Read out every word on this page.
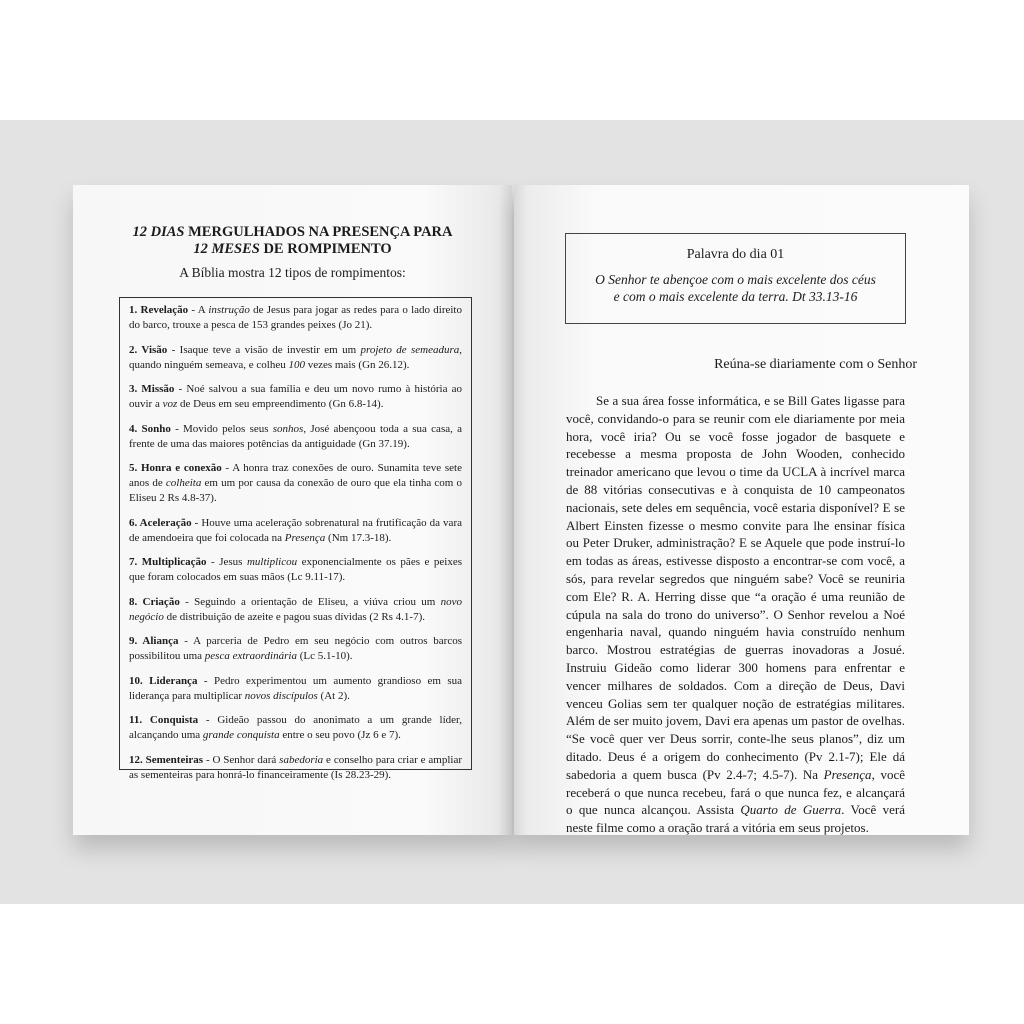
12 DIAS MERGULHADOS NA PRESENÇA PARA
12 MESES DE ROMPIMENTO
A Bíblia mostra 12 tipos de rompimentos:
1. Revelação - A instrução de Jesus para jogar as redes para o lado direito do barco, trouxe a pesca de 153 grandes peixes (Jo 21).
2. Visão - Isaque teve a visão de investir em um projeto de semeadura, quando ninguém semeava, e colheu 100 vezes mais (Gn 26.12).
3. Missão - Noé salvou a sua família e deu um novo rumo à história ao ouvir a voz de Deus em seu empreendimento (Gn 6.8-14).
4. Sonho - Movido pelos seus sonhos, José abençoou toda a sua casa, a frente de uma das maiores potências da antiguidade (Gn 37.19).
5. Honra e conexão - A honra traz conexões de ouro. Sunamita teve sete anos de colheita em um por causa da conexão de ouro que ela tinha com o Eliseu 2 Rs 4.8-37).
6. Aceleração - Houve uma aceleração sobrenatural na frutificação da vara de amendoeira que foi colocada na Presença (Nm 17.3-18).
7. Multiplicação - Jesus multiplicou exponencialmente os pães e peixes que foram colocados em suas mãos (Lc 9.11-17).
8. Criação - Seguindo a orientação de Eliseu, a viúva criou um novo negócio de distribuição de azeite e pagou suas dívidas (2 Rs 4.1-7).
9. Aliança - A parceria de Pedro em seu negócio com outros barcos possibilitou uma pesca extraordinária (Lc 5.1-10).
10. Liderança - Pedro experimentou um aumento grandioso em sua liderança para multiplicar novos discípulos (At 2).
11. Conquista - Gideão passou do anonimato a um grande líder, alcançando uma grande conquista entre o seu povo (Jz 6 e 7).
12. Sementeiras - O Senhor dará sabedoria e conselho para criar e ampliar as sementeiras para honrá-lo financeiramente (Is 28.23-29).
Palavra do dia 01
O Senhor te abençoe com o mais excelente dos céus
e com o mais excelente da terra. Dt 33.13-16
Reúna-se diariamente com o Senhor

Se a sua área fosse informática, e se Bill Gates ligasse para você, convidando-o para se reunir com ele diariamente por meia hora, você iria? Ou se você fosse jogador de basquete e recebesse a mesma proposta de John Wooden, conhecido treinador americano que levou o time da UCLA à incrível marca de 88 vitórias consecutivas e à conquista de 10 campeonatos nacionais, sete deles em sequência, você estaria disponível? E se Albert Einsten fizesse o mesmo convite para lhe ensinar física ou Peter Druker, administração? E se Aquele que pode instruí-lo em todas as áreas, estivesse disposto a encontrar-se com você, a sós, para revelar segredos que ninguém sabe? Você se reuniria com Ele? R. A. Herring disse que “a oração é uma reunião de cúpula na sala do trono do universo”. O Senhor revelou a Noé engenharia naval, quando ninguém havia construído nenhum barco. Mostrou estratégias de guerras inovadoras a Josué. Instruiu Gideão como liderar 300 homens para enfrentar e vencer milhares de soldados. Com a direção de Deus, Davi venceu Golias sem ter qualquer noção de estratégias militares. Além de ser muito jovem, Davi era apenas um pastor de ovelhas. “Se você quer ver Deus sorrir, conte-lhe seus planos”, diz um ditado. Deus é a origem do conhecimento (Pv 2.1-7); Ele dá sabedoria a quem busca (Pv 2.4-7; 4.5-7). Na Presença, você receberá o que nunca recebeu, fará o que nunca fez, e alcançará o que nunca alcançou. Assista Quarto de Guerra. Você verá neste filme como a oração trará a vitória em seus projetos.
